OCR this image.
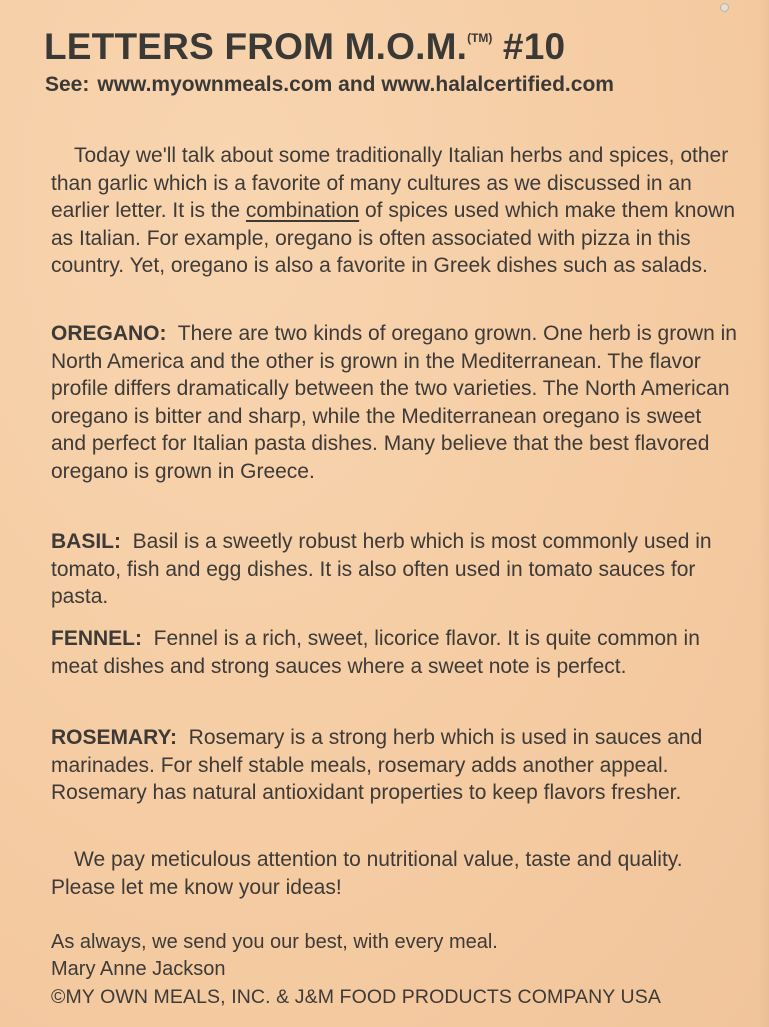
LETTERS FROM M.O.M.$^{(TM)}$ #10
See: www.myownmeals.com and www.halalcertified.com

Today we'll talk about some traditionally Italian herbs and spices, other than garlic which is a favorite of many cultures as we discussed in an earlier letter. It is the combination of spices used which make them known as Italian. For example, oregano is often associated with pizza in this country. Yet, oregano is also a favorite in Greek dishes such as salads.

OREGANO: There are two kinds of oregano grown. One herb is grown in North America and the other is grown in the Mediterranean. The flavor profile differs dramatically between the two varieties. The North American oregano is bitter and sharp, while the Mediterranean oregano is sweet and perfect for Italian pasta dishes. Many believe that the best flavored oregano is grown in Greece.

BASIL: Basil is a sweetly robust herb which is most commonly used in tomato, fish and egg dishes. It is also often used in tomato sauces for pasta.

FENNEL: Fennel is a rich, sweet, licorice flavor. It is quite common in meat dishes and strong sauces where a sweet note is perfect.

ROSEMARY: Rosemary is a strong herb which is used in sauces and marinades. For shelf stable meals, rosemary adds another appeal. Rosemary has natural antioxidant properties to keep flavors fresher.

We pay meticulous attention to nutritional value, taste and quality. Please let me know your ideas!

As always, we send you our best, with every meal.
Mary Anne Jackson
©MY OWN MEALS, INC. & J&M FOOD PRODUCTS COMPANY USA
